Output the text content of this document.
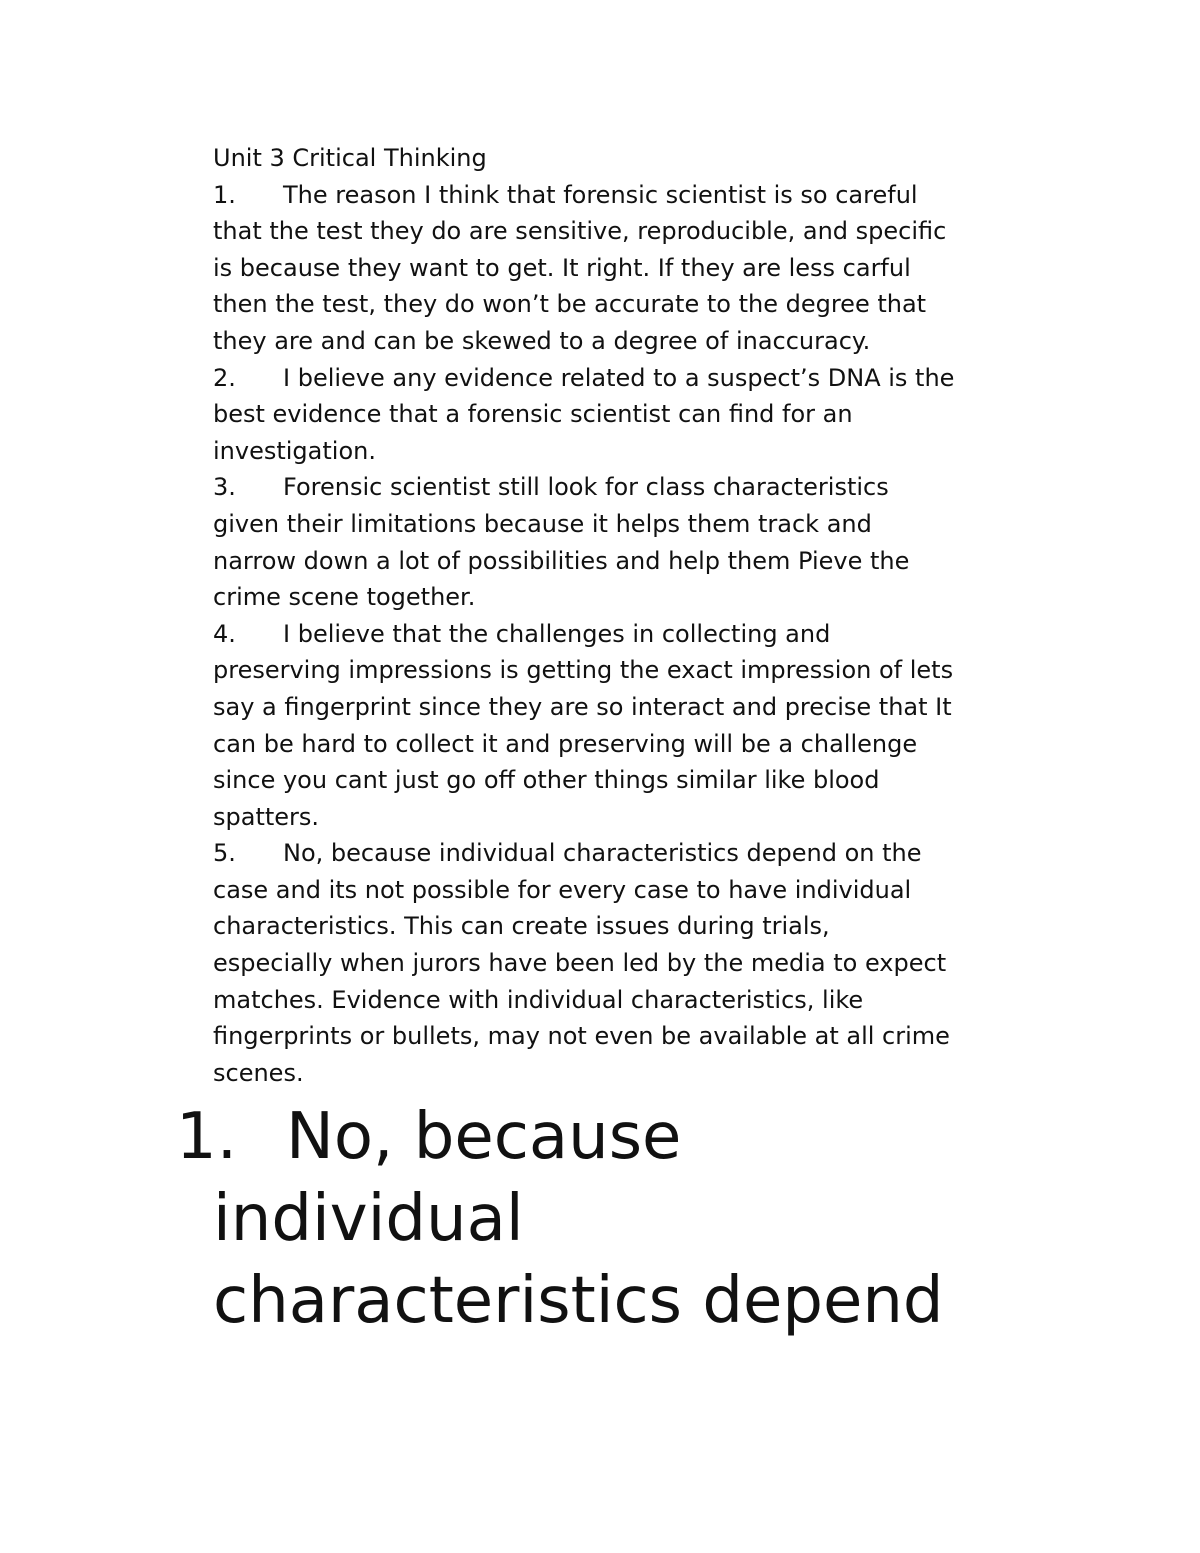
Unit 3 Critical Thinking
1. The reason I think that forensic scientist is so careful
that the test they do are sensitive, reproducible, and specific
is because they want to get. It right. If they are less carful
then the test, they do won’t be accurate to the degree that
they are and can be skewed to a degree of inaccuracy.
2. I believe any evidence related to a suspect’s DNA is the
best evidence that a forensic scientist can find for an
investigation.
3. Forensic scientist still look for class characteristics
given their limitations because it helps them track and
narrow down a lot of possibilities and help them Pieve the
crime scene together.
4. I believe that the challenges in collecting and
preserving impressions is getting the exact impression of lets
say a fingerprint since they are so interact and precise that It
can be hard to collect it and preserving will be a challenge
since you cant just go off other things similar like blood
spatters.
5. No, because individual characteristics depend on the
case and its not possible for every case to have individual
characteristics. This can create issues during trials,
especially when jurors have been led by the media to expect
matches. Evidence with individual characteristics, like
fingerprints or bullets, may not even be available at all crime
scenes.
1. No, because
individual
characteristics depend
